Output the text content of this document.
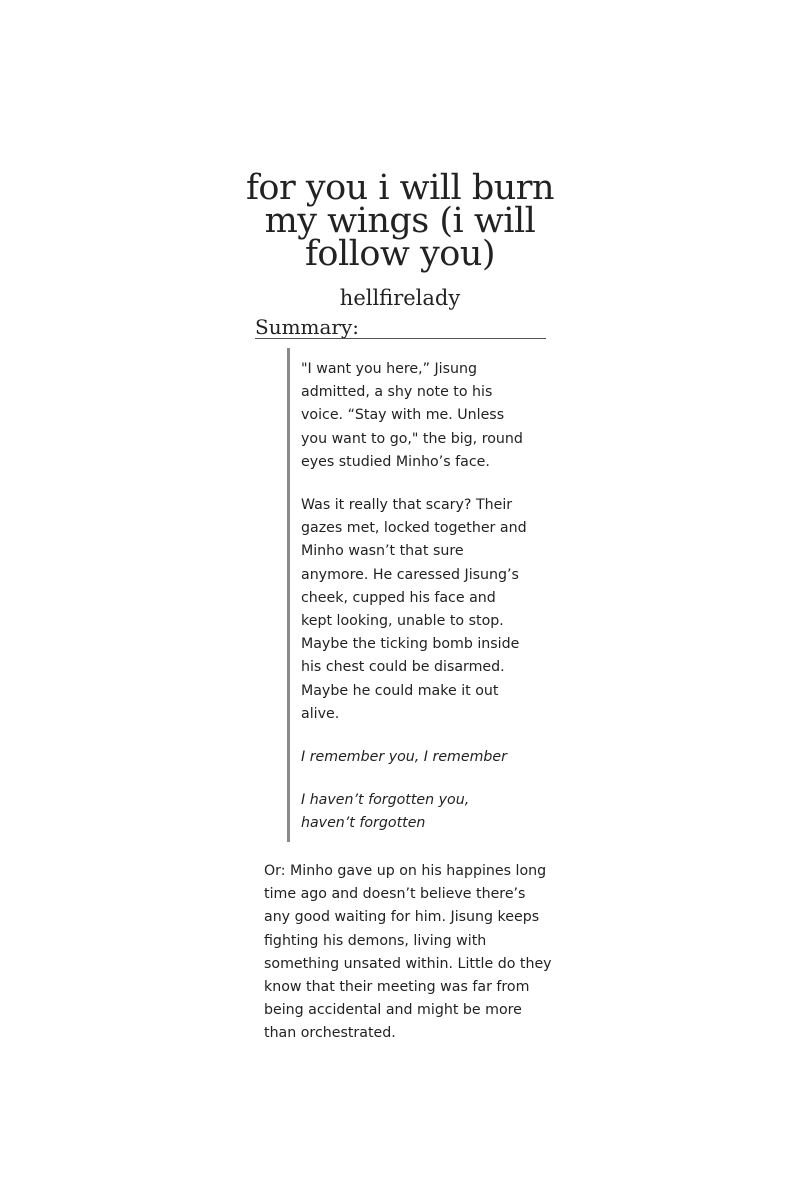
for you i will burn my wings (i will follow you)
hellfirelady
Summary:

"I want you here,” Jisung admitted, a shy note to his voice. “Stay with me. Unless you want to go," the big, round eyes studied Minho’s face.

Was it really that scary? Their gazes met, locked together and Minho wasn’t that sure anymore. He caressed Jisung’s cheek, cupped his face and kept looking, unable to stop. Maybe the ticking bomb inside his chest could be disarmed. Maybe he could make it out alive.

I remember you, I remember

I haven’t forgotten you, haven’t forgotten

Or: Minho gave up on his happines long time ago and doesn’t believe there’s any good waiting for him. Jisung keeps fighting his demons, living with something unsated within. Little do they know that their meeting was far from being accidental and might be more than orchestrated.
